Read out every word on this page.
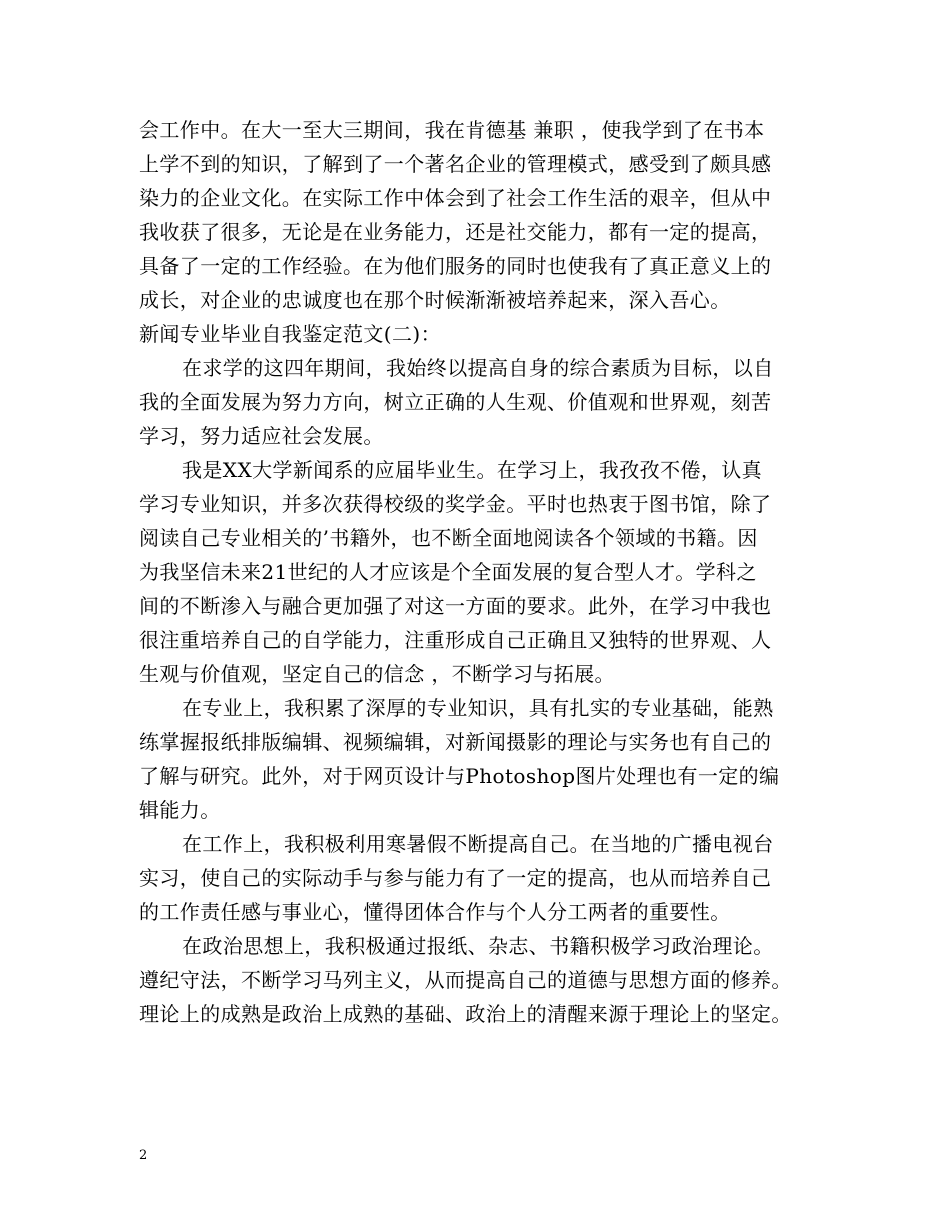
会工作中。在大一至大三期间，我在肯德基 兼职 ，使我学到了在书本
上学不到的知识，了解到了一个著名企业的管理模式，感受到了颇具感
染力的企业文化。在实际工作中体会到了社会工作生活的艰辛，但从中
我收获了很多，无论是在业务能力，还是社交能力，都有一定的提高，
具备了一定的工作经验。在为他们服务的同时也使我有了真正意义上的
成长，对企业的忠诚度也在那个时候渐渐被培养起来，深入吾心。
新闻专业毕业自我鉴定范文(二)：
在求学的这四年期间，我始终以提高自身的综合素质为目标，以自
我的全面发展为努力方向，树立正确的人生观、价值观和世界观，刻苦
学习，努力适应社会发展。
我是XX大学新闻系的应届毕业生。在学习上，我孜孜不倦，认真
学习专业知识，并多次获得校级的奖学金。平时也热衷于图书馆，除了
阅读自己专业相关的’书籍外，也不断全面地阅读各个领域的书籍。因
为我坚信未来21世纪的人才应该是个全面发展的复合型人才。学科之
间的不断渗入与融合更加强了对这一方面的要求。此外，在学习中我也
很注重培养自己的自学能力，注重形成自己正确且又独特的世界观、人
生观与价值观，坚定自己的信念 ，不断学习与拓展。
在专业上，我积累了深厚的专业知识，具有扎实的专业基础，能熟
练掌握报纸排版编辑、视频编辑，对新闻摄影的理论与实务也有自己的
了解与研究。此外，对于网页设计与Photoshop图片处理也有一定的编
辑能力。
在工作上，我积极利用寒暑假不断提高自己。在当地的广播电视台
实习，使自己的实际动手与参与能力有了一定的提高，也从而培养自己
的工作责任感与事业心，懂得团体合作与个人分工两者的重要性。
在政治思想上，我积极通过报纸、杂志、书籍积极学习政治理论。
遵纪守法，不断学习马列主义，从而提高自己的道德与思想方面的修养。
理论上的成熟是政治上成熟的基础、政治上的清醒来源于理论上的坚定。
2
